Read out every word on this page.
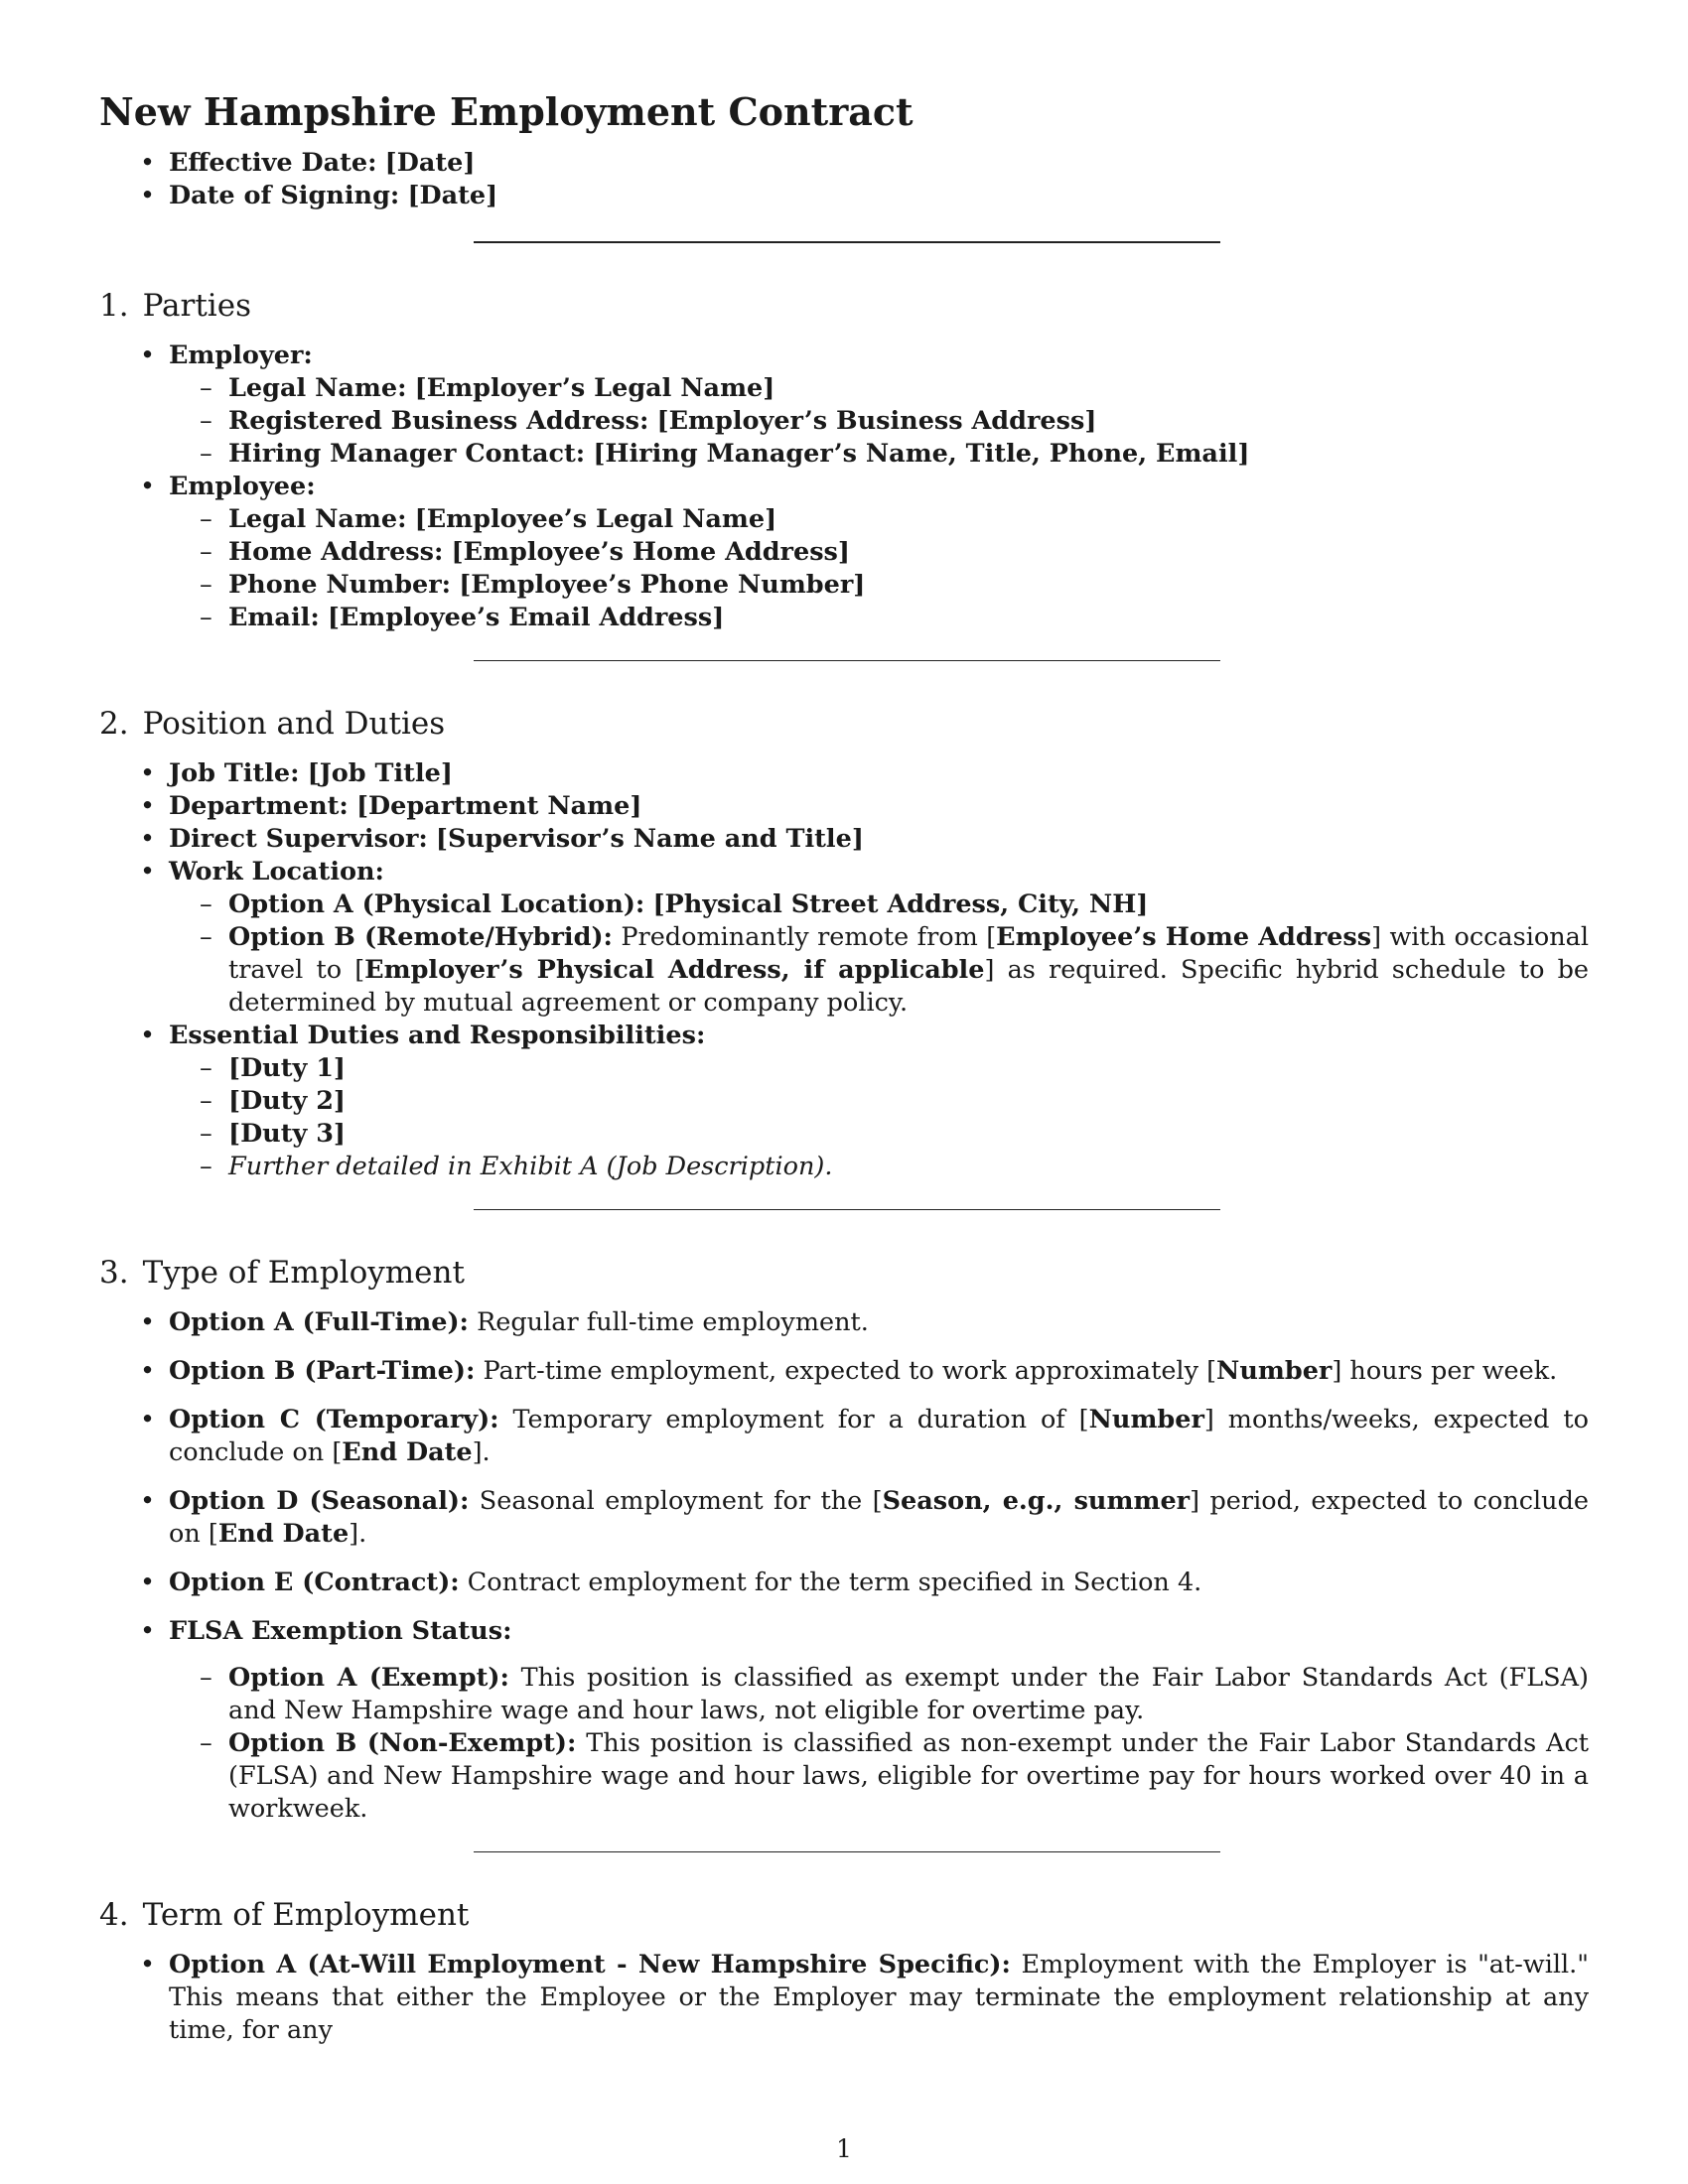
New Hampshire Employment Contract
• Effective Date: [Date]
• Date of Signing: [Date]
1. Parties
• Employer:
– Legal Name: [Employer’s Legal Name]
– Registered Business Address: [Employer’s Business Address]
– Hiring Manager Contact: [Hiring Manager’s Name, Title, Phone, Email]
• Employee:
– Legal Name: [Employee’s Legal Name]
– Home Address: [Employee’s Home Address]
– Phone Number: [Employee’s Phone Number]
– Email: [Employee’s Email Address]
2. Position and Duties
• Job Title: [Job Title]
• Department: [Department Name]
• Direct Supervisor: [Supervisor’s Name and Title]
• Work Location:
– Option A (Physical Location): [Physical Street Address, City, NH]
– Option B (Remote/Hybrid): Predominantly remote from [Employee’s Home Address] with occasional travel to [Employer’s Physical Address, if applicable] as required. Specific hybrid schedule to be determined by mutual agreement or company policy.
• Essential Duties and Responsibilities:
– [Duty 1]
– [Duty 2]
– [Duty 3]
– Further detailed in Exhibit A (Job Description).
3. Type of Employment
• Option A (Full-Time): Regular full-time employment.
• Option B (Part-Time): Part-time employment, expected to work approximately [Number] hours per week.
• Option C (Temporary): Temporary employment for a duration of [Number] months/weeks, expected to conclude on [End Date].
• Option D (Seasonal): Seasonal employment for the [Season, e.g., summer] period, expected to conclude on [End Date].
• Option E (Contract): Contract employment for the term specified in Section 4.
• FLSA Exemption Status:
– Option A (Exempt): This position is classified as exempt under the Fair Labor Standards Act (FLSA) and New Hampshire wage and hour laws, not eligible for overtime pay.
– Option B (Non-Exempt): This position is classified as non-exempt under the Fair Labor Standards Act (FLSA) and New Hampshire wage and hour laws, eligible for overtime pay for hours worked over 40 in a workweek.
4. Term of Employment
• Option A (At-Will Employment - New Hampshire Specific): Employment with the Employer is "at-will." This means that either the Employee or the Employer may terminate the employment relationship at any time, for any
1
